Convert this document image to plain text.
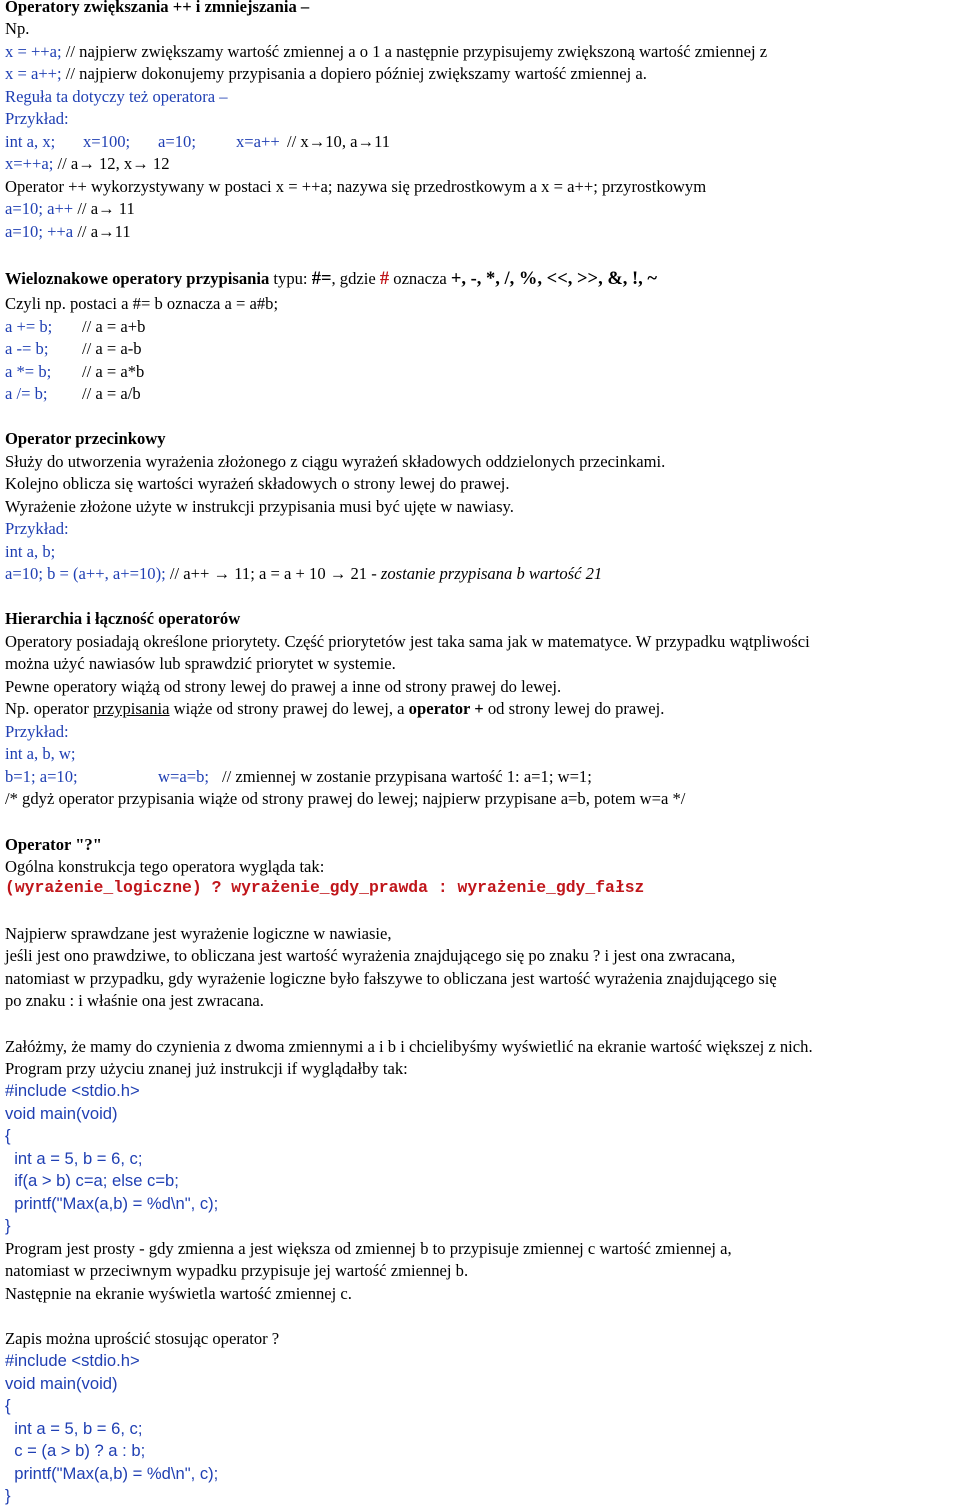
Operatory zwiększania ++ i zmniejszania –
Np.
x = ++a; // najpierw zwiększamy wartość zmiennej a o 1 a następnie przypisujemy zwiększoną wartość zmiennej z
x = a++; // najpierw dokonujemy przypisania a dopiero później zwiększamy wartość zmiennej a.
Reguła ta dotyczy też operatora –
Przykład:
int a, x; x=100; a=10; x=a++ // x→10, a→11
x=++a; // a→ 12, x→ 12
Operator ++ wykorzystywany w postaci x = ++a; nazywa się przedrostkowym a x = a++; przyrostkowym
a=10; a++ // a→ 11
a=10; ++a // a→11
Wieloznakowe operatory przypisania typu: #=, gdzie # oznacza +, -, *, /, %, <<, >>, &, !, ~
Czyli np. postaci a #= b oznacza a = a#b;
a += b; // a = a+b
a -= b; // a = a-b
a *= b; // a = a*b
a /= b; // a = a/b
Operator przecinkowy
Służy do utworzenia wyrażenia złożonego z ciągu wyrażeń składowych oddzielonych przecinkami.
Kolejno oblicza się wartości wyrażeń składowych o strony lewej do prawej.
Wyrażenie złożone użyte w instrukcji przypisania musi być ujęte w nawiasy.
Przykład:
int a, b;
a=10; b = (a++, a+=10); // a++ → 11; a = a + 10 → 21 - zostanie przypisana b wartość 21
Hierarchia i łączność operatorów
Operatory posiadają określone priorytety. Część priorytetów jest taka sama jak w matematyce. W przypadku wątpliwości
można użyć nawiasów lub sprawdzić priorytet w systemie.
Pewne operatory wiążą od strony lewej do prawej a inne od strony prawej do lewej.
Np. operator przypisania wiąże od strony prawej do lewej, a operator + od strony lewej do prawej.
Przykład:
int a, b, w;
b=1; a=10;	w=a=b; // zmiennej w zostanie przypisana wartość 1: a=1; w=1;
/* gdyż operator przypisania wiąże od strony prawej do lewej; najpierw przypisane a=b, potem w=a */
Operator "?"
Ogólna konstrukcja tego operatora wygląda tak:
(wyrażenie_logiczne) ? wyrażenie_gdy_prawda : wyrażenie_gdy_fałsz
Najpierw sprawdzane jest wyrażenie logiczne w nawiasie,
jeśli jest ono prawdziwe, to obliczana jest wartość wyrażenia znajdującego się po znaku ? i jest ona zwracana,
natomiast w przypadku, gdy wyrażenie logiczne było fałszywe to obliczana jest wartość wyrażenia znajdującego się
po znaku : i właśnie ona jest zwracana.
Załóżmy, że mamy do czynienia z dwoma zmiennymi a i b i chcielibyśmy wyświetlić na ekranie wartość większej z nich.
Program przy użyciu znanej już instrukcji if wyglądałby tak:
#include <stdio.h>
void main(void)
{
int a = 5, b = 6, c;
if(a > b) c=a; else c=b;
printf("Max(a,b) = %d\n", c);
}
Program jest prosty - gdy zmienna a jest większa od zmiennej b to przypisuje zmiennej c wartość zmiennej a,
natomiast w przeciwnym wypadku przypisuje jej wartość zmiennej b.
Następnie na ekranie wyświetla wartość zmiennej c.
Zapis można uprościć stosując operator ?
#include <stdio.h>
void main(void)
{
int a = 5, b = 6, c;
c = (a > b) ? a : b;
printf("Max(a,b) = %d\n", c);
}
